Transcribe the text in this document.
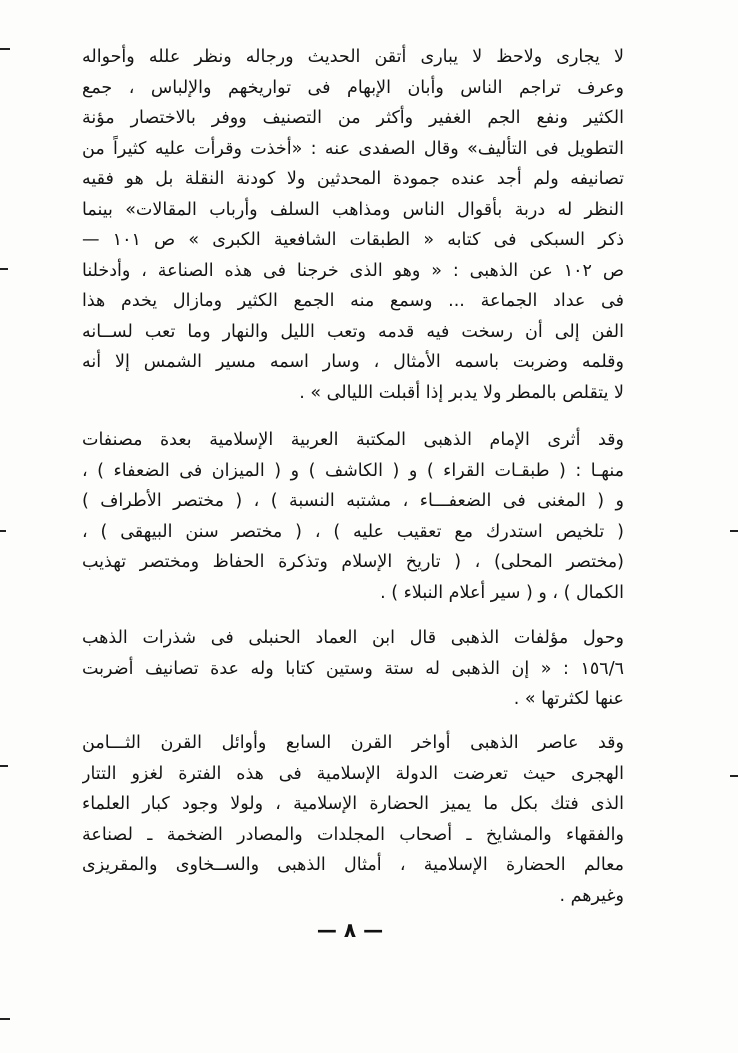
لا يجارى ولاحظ لا يبارى أتقن الحديث ورجاله ونظر علله وأحواله
وعرف تراجم الناس وأبان الإبهام فى تواريخهم والإلباس ، جمع
الكثير ونفع الجم الغفير وأكثر من التصنيف ووفر بالاختصار مؤنة
التطويل فى التأليف» وقال الصفدى عنه : «أخذت وقرأت عليه كثيراً من
تصانيفه ولم أجد عنده جمودة المحدثين ولا كودنة النقلة بل هو فقيه
النظر له دربة بأقوال الناس ومذاهب السلف وأرباب المقالات» بينما
ذكر السبكى فى كتابه « الطبقات الشافعية الكبرى » ص ١٠١ —
ص ١٠٢ عن الذهبى : « وهو الذى خرجنا فى هذه الصناعة ، وأدخلنا
فى عداد الجماعة ... وسمع منه الجمع الكثير ومازال يخدم هذا
الفن إلى أن رسخت فيه قدمه وتعب الليل والنهار وما تعب لســانه
وقلمه وضربت باسمه الأمثال ، وسار اسمه مسير الشمس إلا أنه
لا يتقلص بالمطر ولا يدبر إذا أقبلت الليالى » .
وقد أثرى الإمام الذهبى المكتبة العربية الإسلامية بعدة مصنفات
منهـا : ( طبقـات القراء ) و ( الكاشف ) و ( الميزان فى الضعفاء ) ،
و ( المغنى فى الضعفـــاء ، مشتبه النسبة ) ، ( مختصر الأطراف )
( تلخيص استدرك مع تعقيب عليه ) ، ( مختصر سنن البيهقى ) ،
(مختصر المحلى) ، ( تاريخ الإسلام وتذكرة الحفاظ ومختصر تهذيب
الكمال ) ، و ( سير أعلام النبلاء ) .
وحول مؤلفات الذهبى قال ابن العماد الحنبلى فى شذرات الذهب
١٥٦/٦ : « إن الذهبى له ستة وستين كتابا وله عدة تصانيف أضربت
عنها لكثرتها » .
وقد عاصر الذهبى أواخر القرن السابع وأوائل القرن الثـــامن
الهجرى حيث تعرضت الدولة الإسلامية فى هذه الفترة لغزو التتار
الذى فتك بكل ما يميز الحضارة الإسلامية ، ولولا وجود كبار العلماء
والفقهاء والمشايخ ـ أصحاب المجلدات والمصادر الضخمة ـ لصناعة
معالم الحضارة الإسلامية ، أمثال الذهبى والســخاوى والمقريزى
وغيرهم .
— ٨ —
